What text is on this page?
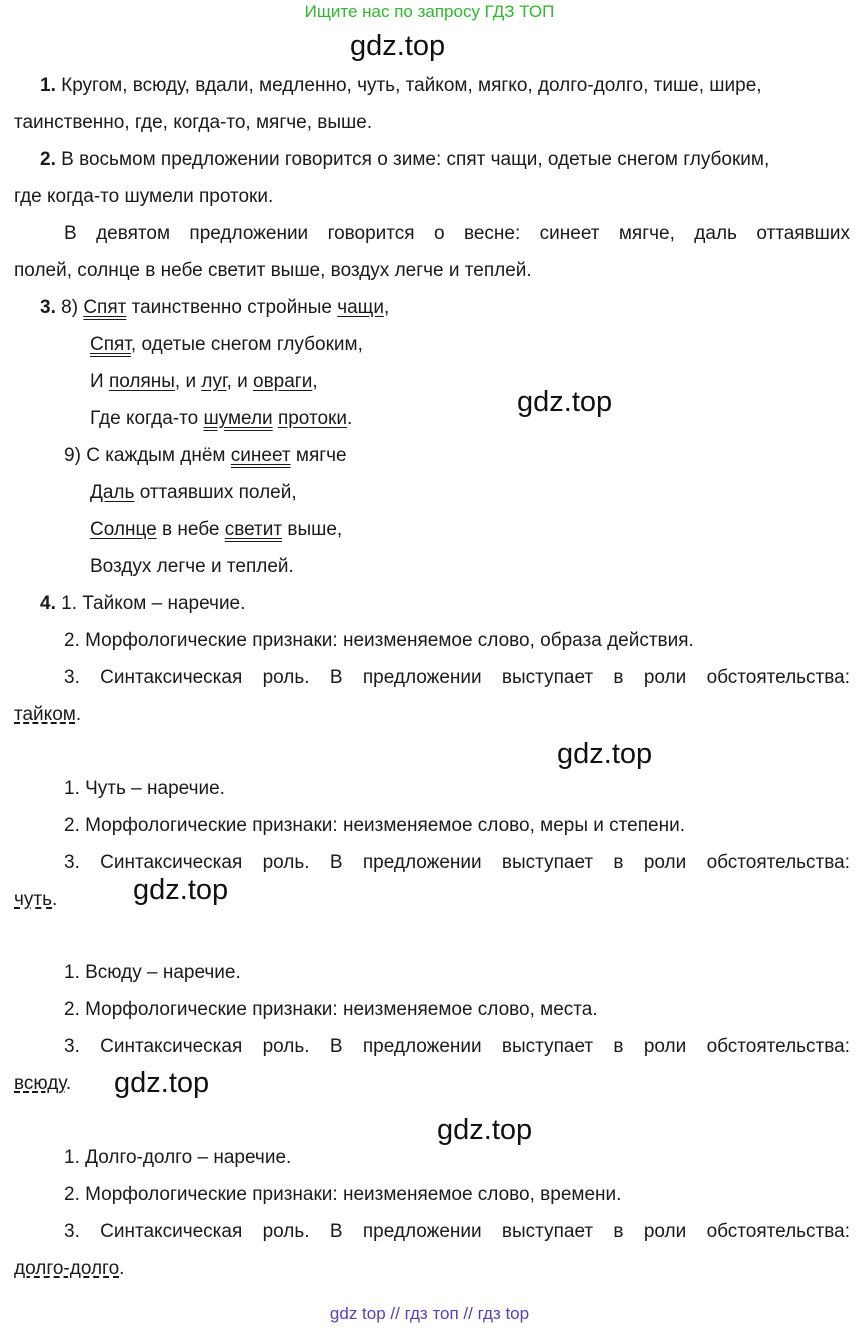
Ищите нас по запросу ГДЗ ТОП
gdz.top
gdz.top
gdz.top
gdz.top
gdz.top
gdz.top
1. Кругом, всюду, вдали, медленно, чуть, тайком, мягко, долго-долго, тише, шире,
таинственно, где, когда-то, мягче, выше.
2. В восьмом предложении говорится о зиме: спят чащи, одетые снегом глубоким,
где когда-то шумели протоки.
В девятом предложении говорится о весне: синеет мягче, даль оттаявших
полей, солнце в небе светит выше, воздух легче и теплей.
3. 8) Спят таинственно стройные чащи,
Спят, одетые снегом глубоким,
И поляны, и луг, и овраги,
Где когда-то шумели протоки.
9) С каждым днём синеет мягче
Даль оттаявших полей,
Солнце в небе светит выше,
Воздух легче и теплей.
4. 1. Тайком – наречие.
2. Морфологические признаки: неизменяемое слово, образа действия.
3. Синтаксическая роль. В предложении выступает в роли обстоятельства:
тайком.
1. Чуть – наречие.
2. Морфологические признаки: неизменяемое слово, меры и степени.
3. Синтаксическая роль. В предложении выступает в роли обстоятельства:
чуть.
1. Всюду – наречие.
2. Морфологические признаки: неизменяемое слово, места.
3. Синтаксическая роль. В предложении выступает в роли обстоятельства:
всюду.
1. Долго-долго – наречие.
2. Морфологические признаки: неизменяемое слово, времени.
3. Синтаксическая роль. В предложении выступает в роли обстоятельства:
долго-долго.
gdz top // гдз топ // гдз top
